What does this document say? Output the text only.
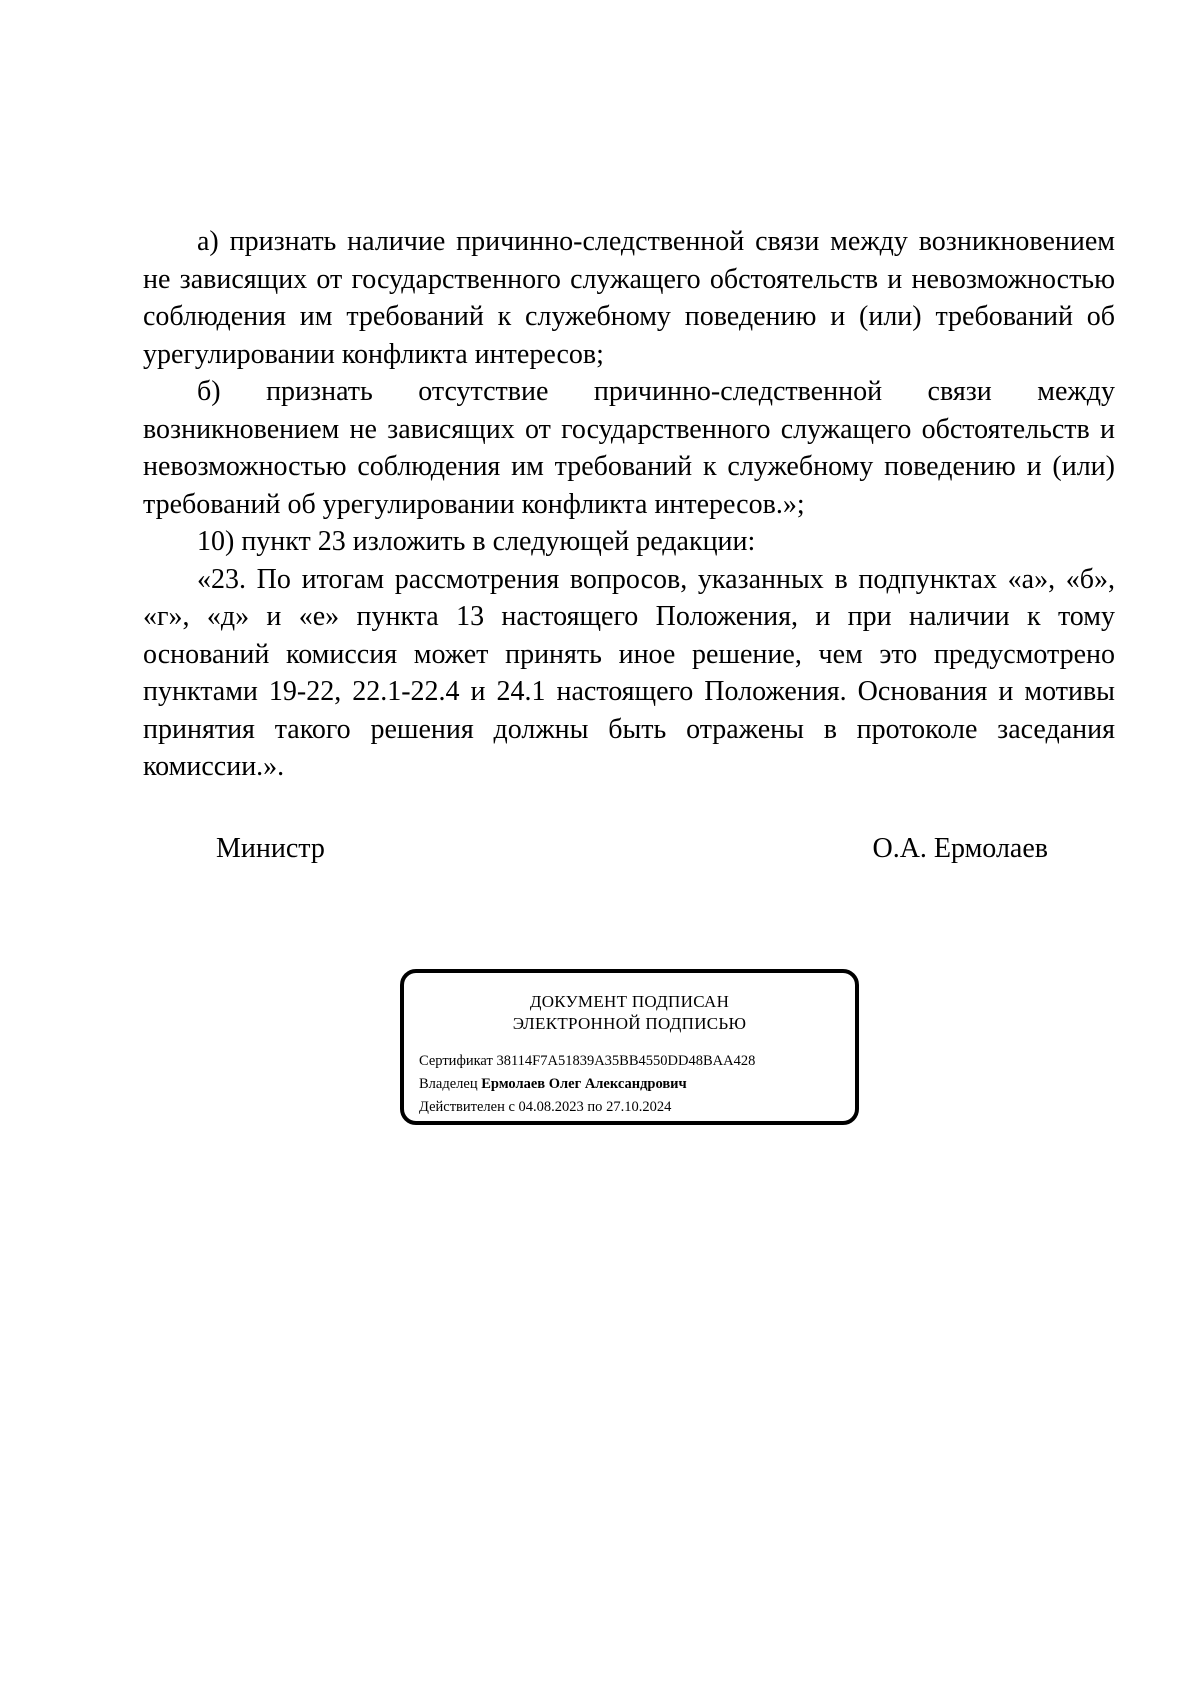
а) признать наличие причинно-следственной связи между возникновением не зависящих от государственного служащего обстоятельств и невозможностью соблюдения им требований к служебному поведению и (или) требований об урегулировании конфликта интересов;

б) признать отсутствие причинно-следственной связи между возникновением не зависящих от государственного служащего обстоятельств и невозможностью соблюдения им требований к служебному поведению и (или) требований об урегулировании конфликта интересов.»;

10) пункт 23 изложить в следующей редакции:

«23. По итогам рассмотрения вопросов, указанных в подпунктах «а», «б», «г», «д» и «е» пункта 13 настоящего Положения, и при наличии к тому оснований комиссия может принять иное решение, чем это предусмотрено пунктами 19-22, 22.1-22.4 и 24.1 настоящего Положения. Основания и мотивы принятия такого решения должны быть отражены в протоколе заседания комиссии.».

Министр	О.А. Ермолаев
ДОКУМЕНТ ПОДПИСАН
ЭЛЕКТРОННОЙ ПОДПИСЬЮ
Сертификат 38114F7A51839A35BB4550DD48BAA428
Владелец Ермолаев Олег Александрович
Действителен с 04.08.2023 по 27.10.2024
